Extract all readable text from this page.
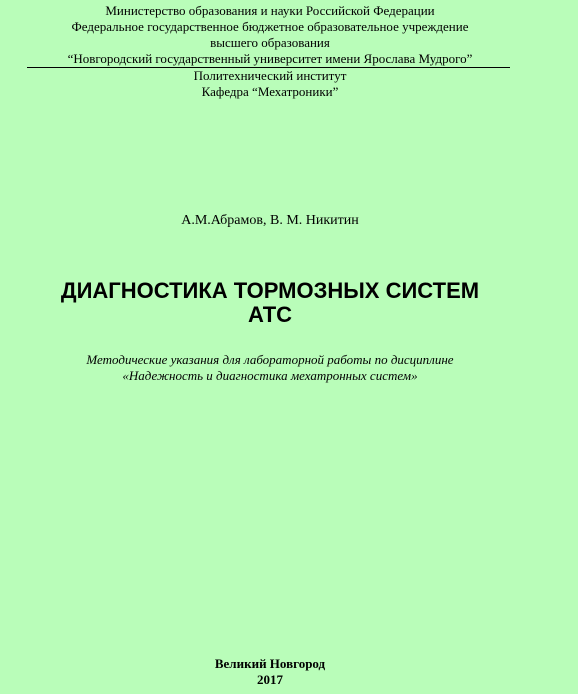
Министерство образования и науки Российской Федерации
Федеральное государственное бюджетное образовательное учреждение
высшего образования
“Новгородский государственный университет имени Ярослава Мудрого”
Политехнический институт
Кафедра “Мехатроники”
А.М.Абрамов, В. М. Никитин
ДИАГНОСТИКА ТОРМОЗНЫХ СИСТЕМ
АТС
Методические указания для лабораторной работы по дисциплине
«Надежность и диагностика мехатронных систем»
Великий Новгород
2017
